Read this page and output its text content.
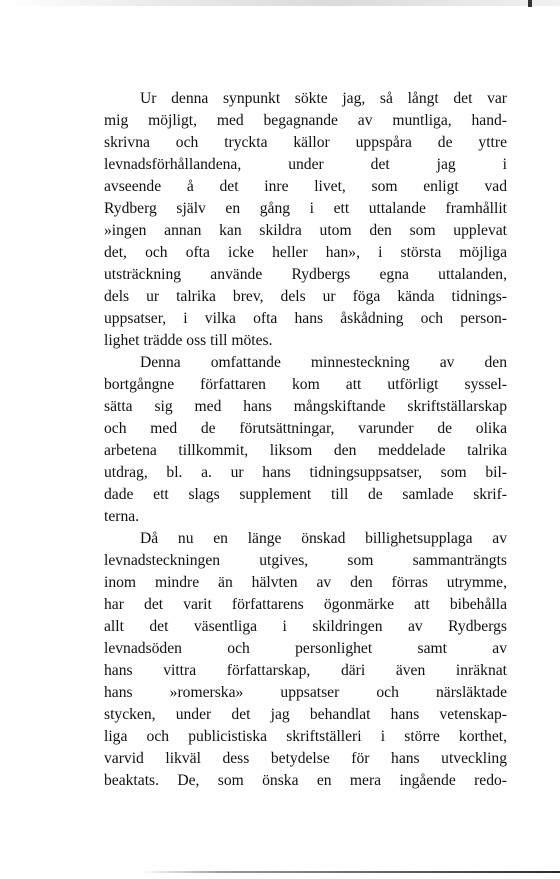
Ur denna synpunkt sökte jag, så långt det var
mig möjligt, med begagnande av muntliga, hand-
skrivna och tryckta källor uppspåra de yttre
levnadsförhållandena, under det jag i
avseende å det inre livet, som enligt vad
Rydberg själv en gång i ett uttalande framhållit
»ingen annan kan skildra utom den som upplevat
det, och ofta icke heller han», i största möjliga
utsträckning använde Rydbergs egna uttalanden,
dels ur talrika brev, dels ur föga kända tidnings-
uppsatser, i vilka ofta hans åskådning och person-
lighet trädde oss till mötes.

Denna omfattande minnesteckning av den
bortgångne författaren kom att utförligt syssel-
sätta sig med hans mångskiftande skriftställarskap
och med de förutsättningar, varunder de olika
arbetena tillkommit, liksom den meddelade talrika
utdrag, bl. a. ur hans tidningsuppsatser, som bil-
dade ett slags supplement till de samlade skrif-
terna.

Då nu en länge önskad billighetsupplaga av
levnadsteckningen utgives, som sammanträngts
inom mindre än hälvten av den förras utrymme,
har det varit författarens ögonmärke att bibehålla
allt det väsentliga i skildringen av Rydbergs
levnadsöden och personlighet samt av
hans vittra författarskap, däri även inräknat
hans »romerska» uppsatser och närsläktade
stycken, under det jag behandlat hans vetenskap-
liga och publicistiska skriftställeri i större korthet,
varvid likväl dess betydelse för hans utveckling
beaktats. De, som önska en mera ingående redo-
